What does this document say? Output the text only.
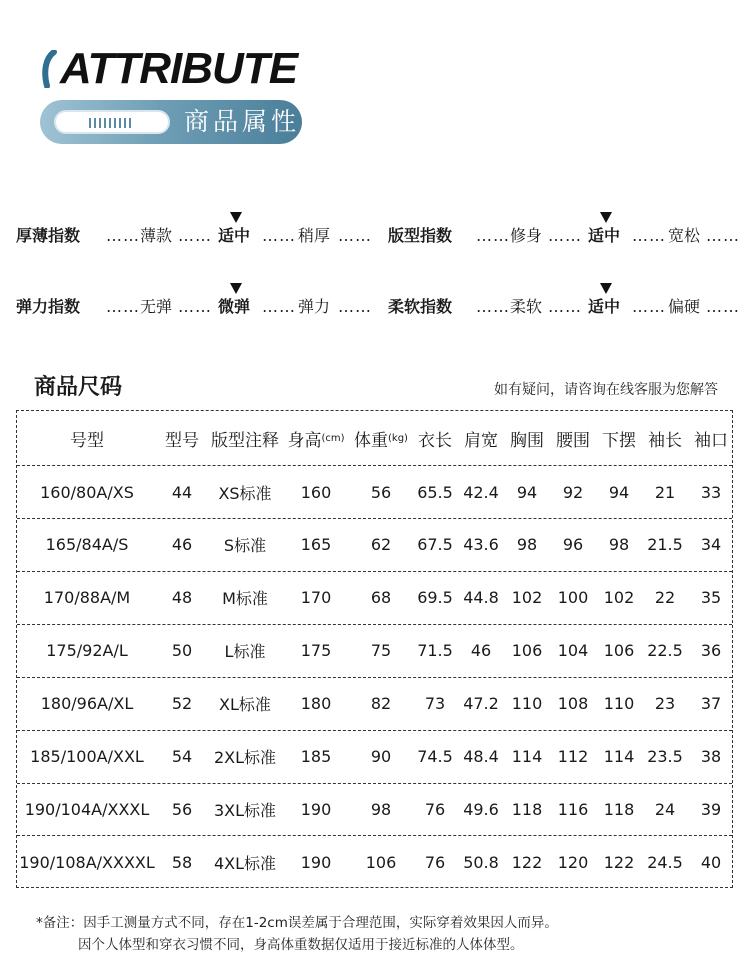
ATTRIBUTE
商品属性
厚薄指数 …… 薄款 …… 适中 …… 稍厚 …… 版型指数 …… 修身 …… 适中 …… 宽松 ……
弹力指数 …… 无弹 …… 微弹 …… 弹力 …… 柔软指数 …… 柔软 …… 适中 …… 偏硬 ……
商品尺码	如有疑问，请咨询在线客服为您解答
号型	型号 版型注释 身高 (cm) 体重 (kg) 衣长 肩宽 胸围 腰围 下摆 袖长 袖口
160/80A/XS	44	XS标准	160	56	65.5 42.4	94	92	94	21	33
165/84A/S	46	S标准	165	62	67.5 43.6	98	96	98	21.5	34
170/88A/M	48	M标准	170	68	69.5 44.8 102 100 102	22	35
175/92A/L	50	L标准	175	75	71.5	46	106 104 106 22.5	36
180/96A/XL	52	XL标准	180	82	73	47.2 110 108 110	23	37
185/100A/XXL	54	2XL标准	185	90	74.5 48.4 114 112 114 23.5	38
190/104A/XXXL	56	3XL标准	190	98	76	49.6 118 116 118	24	39
190/108A/XXXXL	58	4XL标准	190	106	76	50.8 122 120 122 24.5	40
*备注：因手工测量方式不同，存在1-2cm误差属于合理范围，实际穿着效果因人而异。
因个人体型和穿衣习惯不同，身高体重数据仅适用于接近标准的人体体型。
